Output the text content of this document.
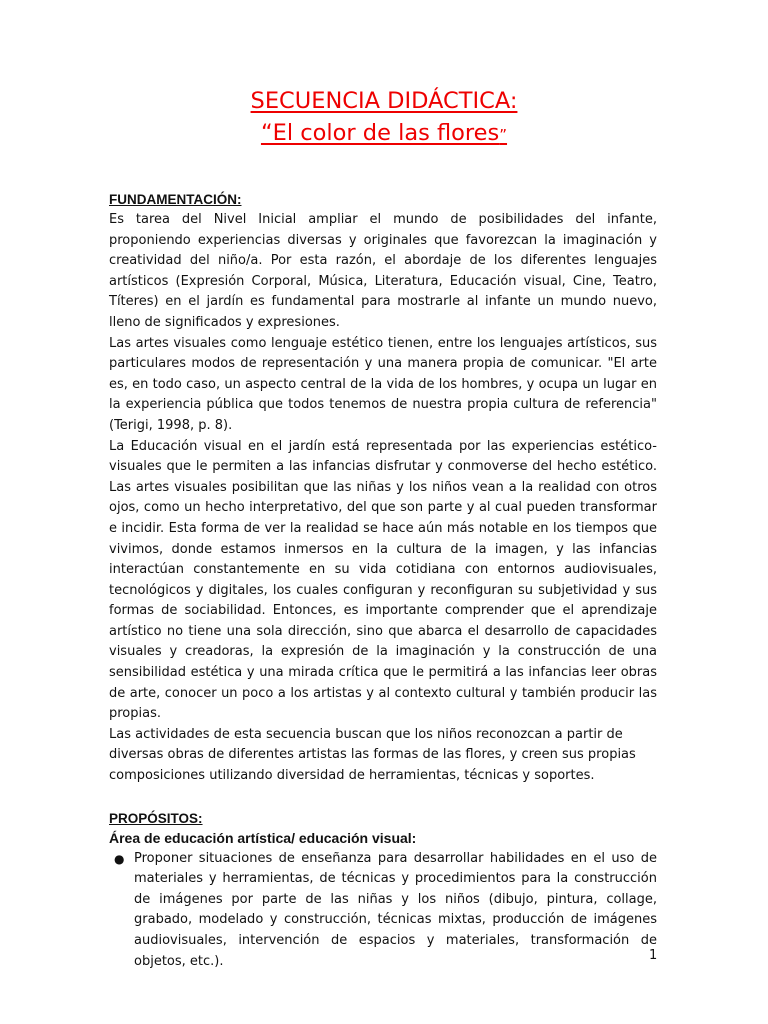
SECUENCIA DIDÁCTICA:
“El color de las flores”
FUNDAMENTACIÓN:

Es tarea del Nivel Inicial ampliar el mundo de posibilidades del infante, proponiendo experiencias diversas y originales que favorezcan la imaginación y creatividad del niño/a. Por esta razón, el abordaje de los diferentes lenguajes artísticos (Expresión Corporal, Música, Literatura, Educación visual, Cine, Teatro, Títeres) en el jardín es fundamental para mostrarle al infante un mundo nuevo, lleno de significados y expresiones.

Las artes visuales como lenguaje estético tienen, entre los lenguajes artísticos, sus particulares modos de representación y una manera propia de comunicar. "El arte es, en todo caso, un aspecto central de la vida de los hombres, y ocupa un lugar en la experiencia pública que todos tenemos de nuestra propia cultura de referencia" (Terigi, 1998, p. 8).

La Educación visual en el jardín está representada por las experiencias estético-visuales que le permiten a las infancias disfrutar y conmoverse del hecho estético. Las artes visuales posibilitan que las niñas y los niños vean a la realidad con otros ojos, como un hecho interpretativo, del que son parte y al cual pueden transformar e incidir. Esta forma de ver la realidad se hace aún más notable en los tiempos que vivimos, donde estamos inmersos en la cultura de la imagen, y las infancias interactúan constantemente en su vida cotidiana con entornos audiovisuales, tecnológicos y digitales, los cuales configuran y reconfiguran su subjetividad y sus formas de sociabilidad. Entonces, es importante comprender que el aprendizaje artístico no tiene una sola dirección, sino que abarca el desarrollo de capacidades visuales y creadoras, la expresión de la imaginación y la construcción de una sensibilidad estética y una mirada crítica que le permitirá a las infancias leer obras de arte, conocer un poco a los artistas y al contexto cultural y también producir las propias.

Las actividades de esta secuencia buscan que los niños reconozcan a partir de diversas obras de diferentes artistas las formas de las flores, y creen sus propias composiciones utilizando diversidad de herramientas, técnicas y soportes.

PROPÓSITOS:
Área de educación artística/ educación visual:
● Proponer situaciones de enseñanza para desarrollar habilidades en el uso de materiales y herramientas, de técnicas y procedimientos para la construcción de imágenes por parte de las niñas y los niños (dibujo, pintura, collage, grabado, modelado y construcción, técnicas mixtas, producción de imágenes audiovisuales, intervención de espacios y materiales, transformación de objetos, etc.).	1
